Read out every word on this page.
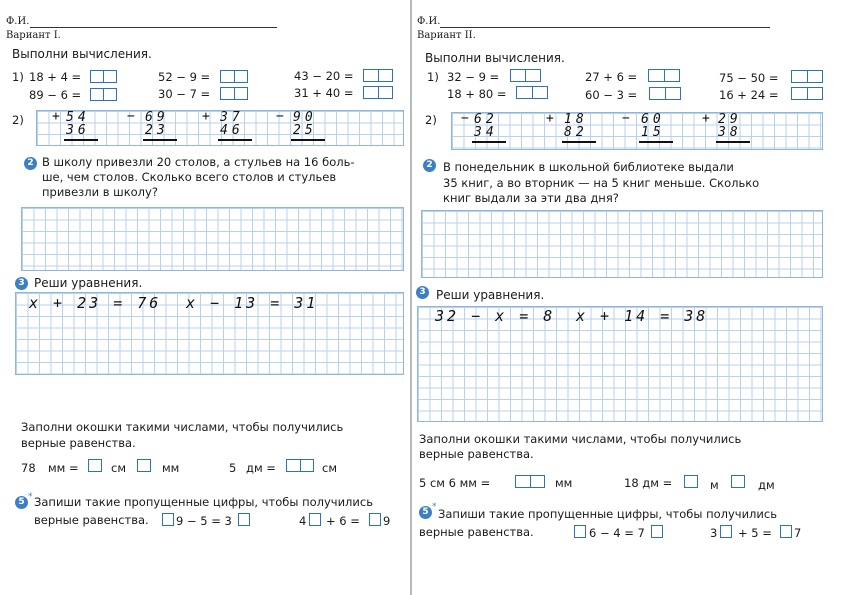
Ф.И.
Вариант I.
Выполни вычисления.
1) 18 + 4 =	52 − 9 =	43 − 20 =
89 − 6 =	30 − 7 =	31 + 40 =
2) + 54
36
− 69
23
+ 37
46
− 90
25
2 В школу привезли 20 столов, а стульев на 16 боль-
ше, чем столов. Сколько всего столов и стульев
привезли в школу?
3 Реши уравнения.
x + 23 = 76 x − 13 = 31
Заполни окошки такими числами, чтобы получились
верные равенства.
78 мм =	см	мм	5 дм =	см
5 * Запиши такие пропущенные цифры, чтобы получились
верные равенства. 9 − 5 = 3	4 + 6 = 9
Ф.И.
Вариант II.
Выполни вычисления.
1) 32 − 9 =	27 + 6 =	75 − 50 =
18 + 80 =	60 − 3 =	16 + 24 =
2) − 62
34
+ 18
82
− 60
15
+ 29
38
2 В понедельник в школьной библиотеке выдали
35 книг, а во вторник — на 5 книг меньше. Сколько
книг выдали за эти два дня?
3 Реши уравнения.
32 − x = 8 x + 14 = 38
Заполни окошки такими числами, чтобы получились
верные равенства.
5 см 6 мм =	мм	18 дм =	м	дм
5 * Запиши такие пропущенные цифры, чтобы получились
верные равенства.	6 − 4 = 7	3 + 5 = 7
